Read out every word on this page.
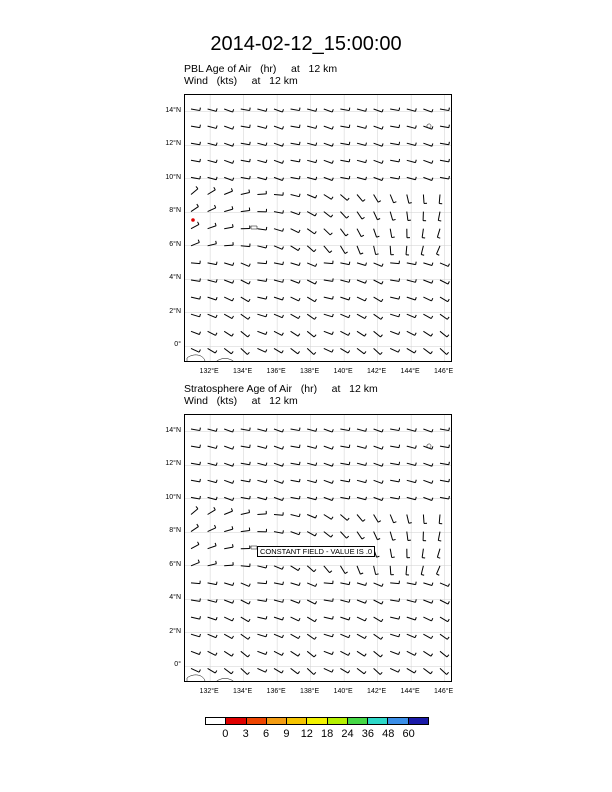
2014-02-12_15:00:00
PBL Age of Air   (hr)     at   12 km
Wind   (kts)     at   12 km
Stratosphere Age of Air   (hr)     at   12 km
Wind   (kts)     at   12 km
CONSTANT FIELD - VALUE IS .0
14°N
12°N
10°N
8°N
6°N
4°N
2°N
0°
132°E	134°E	136°E	138°E	140°E	142°E	144°E	146°E
14°N
12°N
10°N
8°N
6°N
4°N
2°N
0°
132°E	134°E	136°E	138°E	140°E	142°E	144°E	146°E
0	3	6	9	12 18 24 36 48 60
